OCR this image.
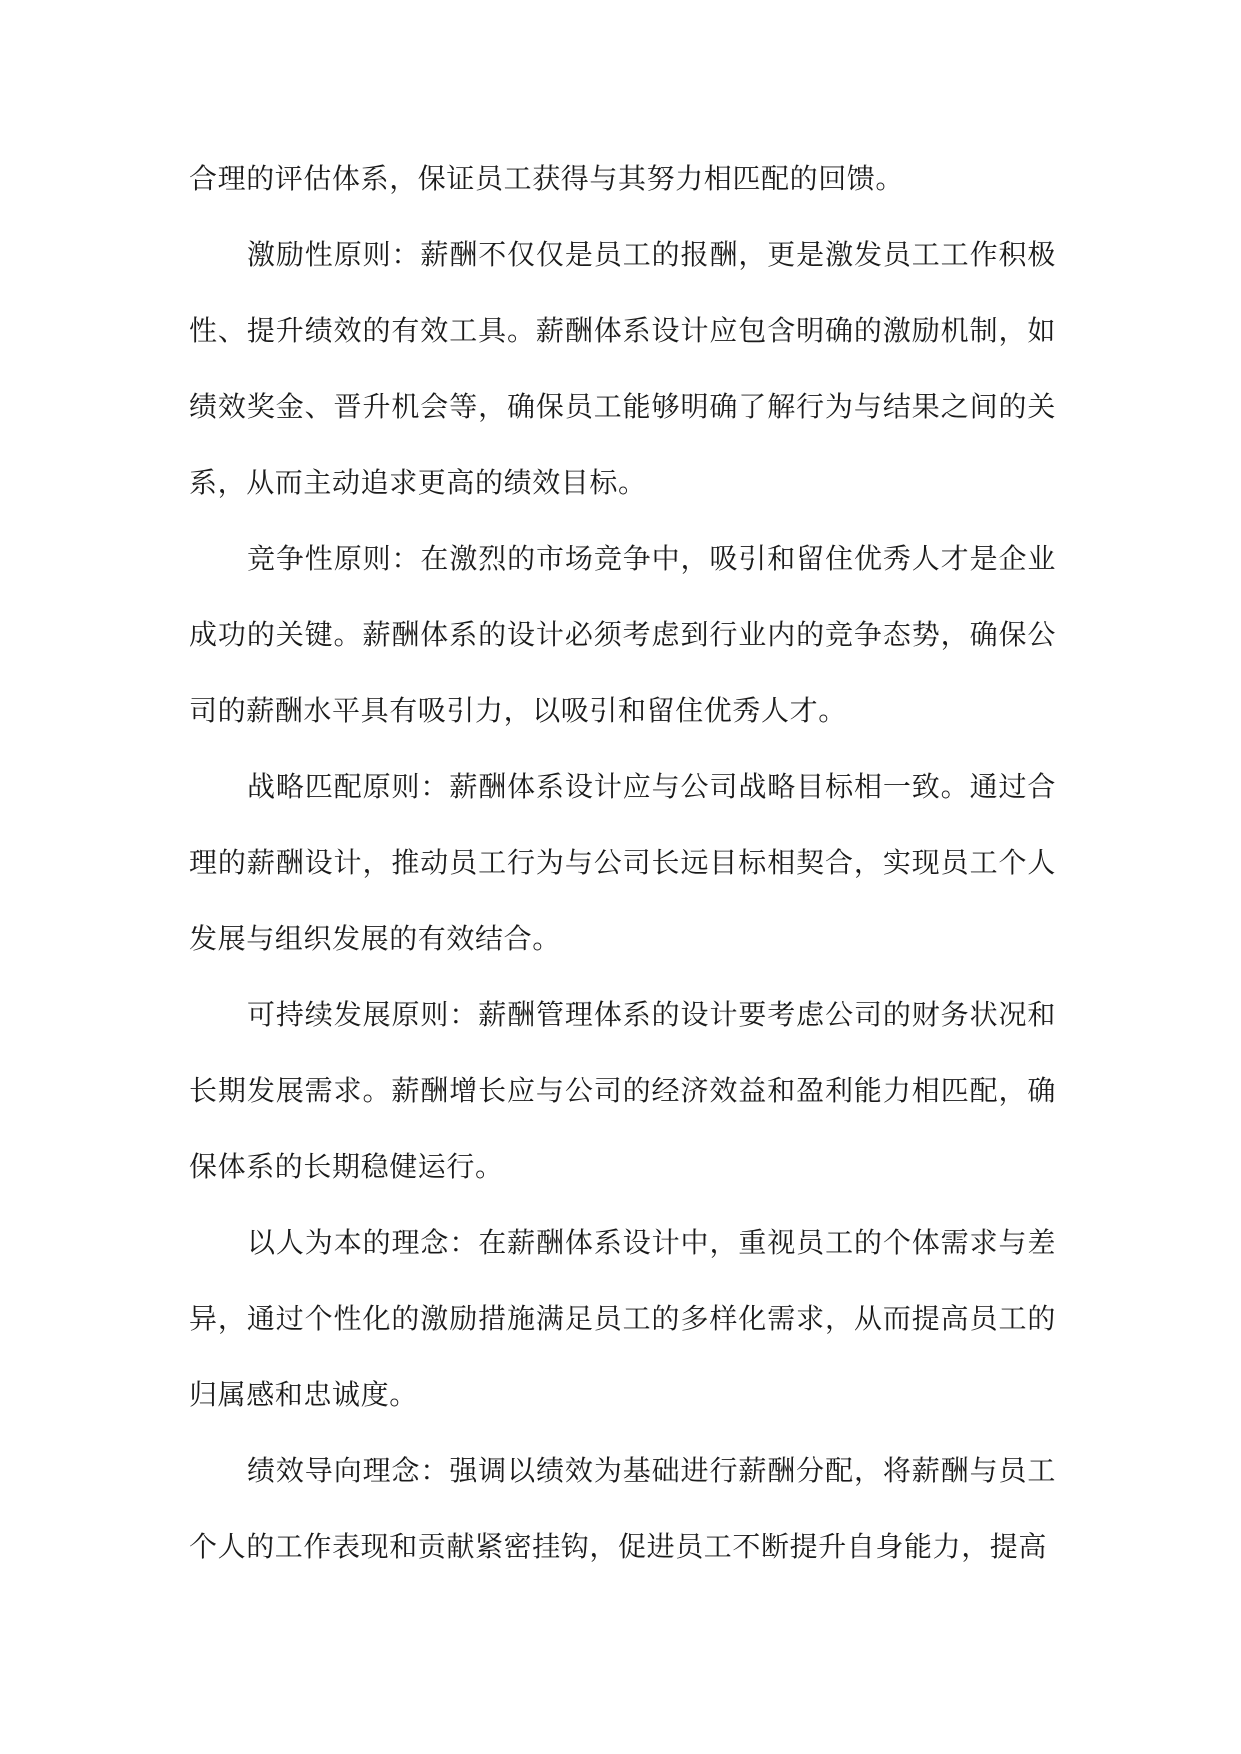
合理的评估体系，保证员工获得与其努力相匹配的回馈。

激励性原则：薪酬不仅仅是员工的报酬，更是激发员工工作积极性、提升绩效的有效工具。薪酬体系设计应包含明确的激励机制，如绩效奖金、晋升机会等，确保员工能够明确了解行为与结果之间的关系，从而主动追求更高的绩效目标。

竞争性原则：在激烈的市场竞争中，吸引和留住优秀人才是企业成功的关键。薪酬体系的设计必须考虑到行业内的竞争态势，确保公司的薪酬水平具有吸引力，以吸引和留住优秀人才。

战略匹配原则：薪酬体系设计应与公司战略目标相一致。通过合理的薪酬设计，推动员工行为与公司长远目标相契合，实现员工个人发展与组织发展的有效结合。

可持续发展原则：薪酬管理体系的设计要考虑公司的财务状况和长期发展需求。薪酬增长应与公司的经济效益和盈利能力相匹配，确保体系的长期稳健运行。

以人为本的理念：在薪酬体系设计中，重视员工的个体需求与差异，通过个性化的激励措施满足员工的多样化需求，从而提高员工的归属感和忠诚度。

绩效导向理念：强调以绩效为基础进行薪酬分配，将薪酬与员工个人的工作表现和贡献紧密挂钩，促进员工不断提升自身能力，提高
